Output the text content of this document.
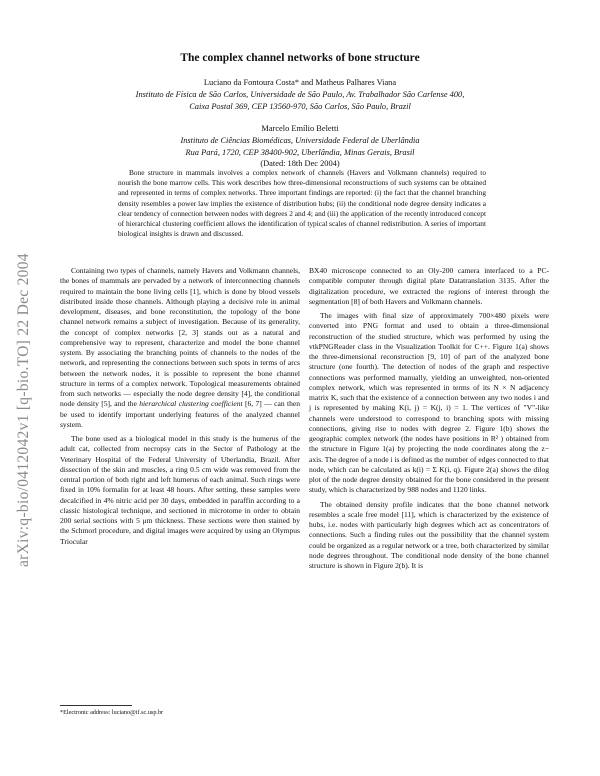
arXiv:q-bio/0412042v1 [q-bio.TO] 22 Dec 2004
The complex channel networks of bone structure
Luciano da Fontoura Costa* and Matheus Palhares Viana
Instituto de Física de São Carlos, Universidade de São Paulo, Av. Trabalhador São Carlense 400,
Caixa Postal 369, CEP 13560-970, São Carlos, São Paulo, Brazil
Marcelo Emílio Beletti
Instituto de Ciências Biomédicas, Universidade Federal de Uberlândia
Rua Pará, 1720, CEP 38400-902, Uberlândia, Minas Gerais, Brasil
(Dated: 18th Dec 2004)
Bone structure in mammals involves a complex network of channels (Havers and Volkmann channels) required to nourish the bone marrow cells. This work describes how three-dimensional reconstructions of such systems can be obtained and represented in terms of complex networks. Three important findings are reported: (i) the fact that the channel branching density resembles a power law implies the existence of distribution hubs; (ii) the conditional node degree density indicates a clear tendency of connection between nodes with degrees 2 and 4; and (iii) the application of the recently introduced concept of hierarchical clustering coefficient allows the identification of typical scales of channel redistribution. A series of important biological insights is drawn and discussed.

Containing two types of channels, namely Havers and Volkmann channels, the bones of mammals are pervaded by a network of interconnecting channels required to maintain the bone living cells [1], which is done by blood vessels distributed inside those channels. Although playing a decisive role in animal development, diseases, and bone reconstitution, the topology of the bone channel network remains a subject of investigation. Because of its generality, the concept of complex networks [2, 3] stands out as a natural and comprehensive way to represent, characterize and model the bone channel system. By associating the branching points of channels to the nodes of the network, and representing the connections between such spots in terms of arcs between the network nodes, it is possible to represent the bone channel structure in terms of a complex network. Topological measurements obtained from such networks — especially the node degree density [4], the conditional node density [5], and the hierarchical clustering coefficient [6, 7] — can then be used to identify important underlying features of the analyzed channel system.

The bone used as a biological model in this study is the humerus of the adult cat, collected from necropsy cats in the Sector of Pathology at the Veterinary Hospital of the Federal University of Uberlandia, Brazil. After dissection of the skin and muscles, a ring 0.5 cm wide was removed from the central portion of both right and left humerus of each animal. Such rings were fixed in 10% formalin for at least 48 hours. After setting, these samples were decalcified in 4% nitric acid per 30 days, embedded in paraffin according to a classic histological technique, and sectioned in microtome in order to obtain 200 serial sections with 5 μm thickness. These sections were then stained by the Schmorl procedure, and digital images were acquired by using an Olympus Triocular

BX40 microscope connected to an Oly-200 camera interfaced to a PC-compatible computer through digital plate Datatranslation 3135. After the digitalization procedure, we extracted the regions of interest through the segmentation [8] of both Havers and Volkmann channels.

The images with final size of approximately 700×480 pixels were converted into PNG format and used to obtain a three-dimensional reconstruction of the studied structure, which was performed by using the vtkPNGReader class in the Visualization Toolkit for C++. Figure 1(a) shows the three-dimensional reconstruction [9, 10] of part of the analyzed bone structure (one fourth). The detection of nodes of the graph and respective connections was performed manually, yielding an unweighted, non-oriented complex network, which was represented in terms of its N × N adjacency matrix K, such that the existence of a connection between any two nodes i and j is represented by making K(i, j) = K(j, i) = 1. The vertices of "V"-like channels were understood to correspond to branching spots with missing connections, giving rise to nodes with degree 2. Figure 1(b) shows the geographic complex network (the nodes have positions in R² ) obtained from the structure in Figure 1(a) by projecting the node coordinates along the z− axis. The degree of a node i is defined as the number of edges connected to that node, which can be calculated as k(i) = Σ K(i, q). Figure 2(a) shows the dilog plot of the node degree density obtained for the bone considered in the present study, which is characterized by 988 nodes and 1120 links.

The obtained density profile indicates that the bone channel network resembles a scale free model [11], which is characterized by the existence of hubs, i.e. nodes with particularly high degrees which act as concentrators of connections. Such a finding rules out the possibility that the channel system could be organized as a regular network or a tree, both characterized by similar node degrees throughout. The conditional node density of the bone channel structure is shown in Figure 2(b). It is

*Electronic address: luciano@if.sc.usp.br
